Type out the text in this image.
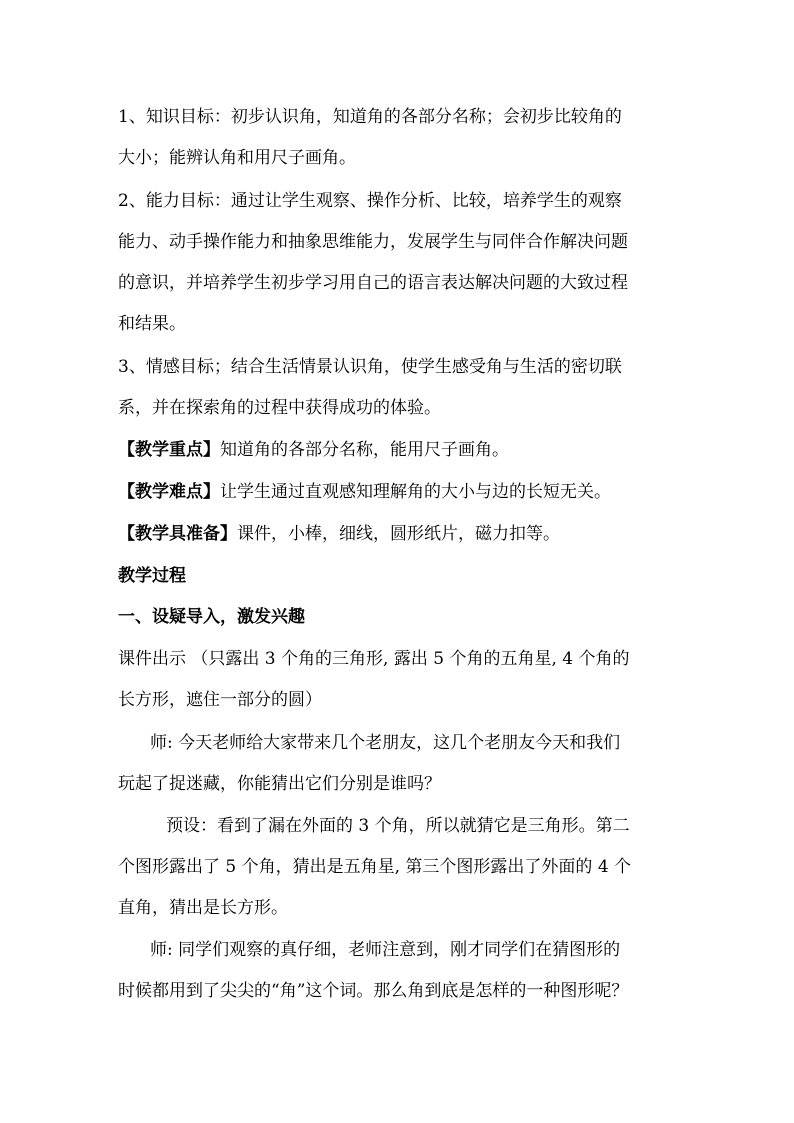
1、知识目标：初步认识角，知道角的各部分名称；会初步比较角的
大小；能辨认角和用尺子画角。
2、能力目标：通过让学生观察、操作分析、比较，培养学生的观察
能力、动手操作能力和抽象思维能力，发展学生与同伴合作解决问题
的意识，并培养学生初步学习用自己的语言表达解决问题的大致过程
和结果。
3、情感目标；结合生活情景认识角，使学生感受角与生活的密切联
系，并在探索角的过程中获得成功的体验。
【教学重点】知道角的各部分名称，能用尺子画角。
【教学难点】让学生通过直观感知理解角的大小与边的长短无关。
【教学具准备】课件，小棒，细线，圆形纸片，磁力扣等。
教学过程
一、设疑导入，激发兴趣
课件出示 （只露出 3 个角的三角形, 露出 5 个角的五角星, 4 个角的
长方形，遮住一部分的圆）
师: 今天老师给大家带来几个老朋友，这几个老朋友今天和我们
玩起了捉迷藏，你能猜出它们分别是谁吗？
预设：看到了漏在外面的 3 个角，所以就猜它是三角形。第二
个图形露出了 5 个角，猜出是五角星, 第三个图形露出了外面的 4 个
直角，猜出是长方形。
师: 同学们观察的真仔细，老师注意到，刚才同学们在猜图形的
时候都用到了尖尖的“角”这个词。那么角到底是怎样的一种图形呢？
